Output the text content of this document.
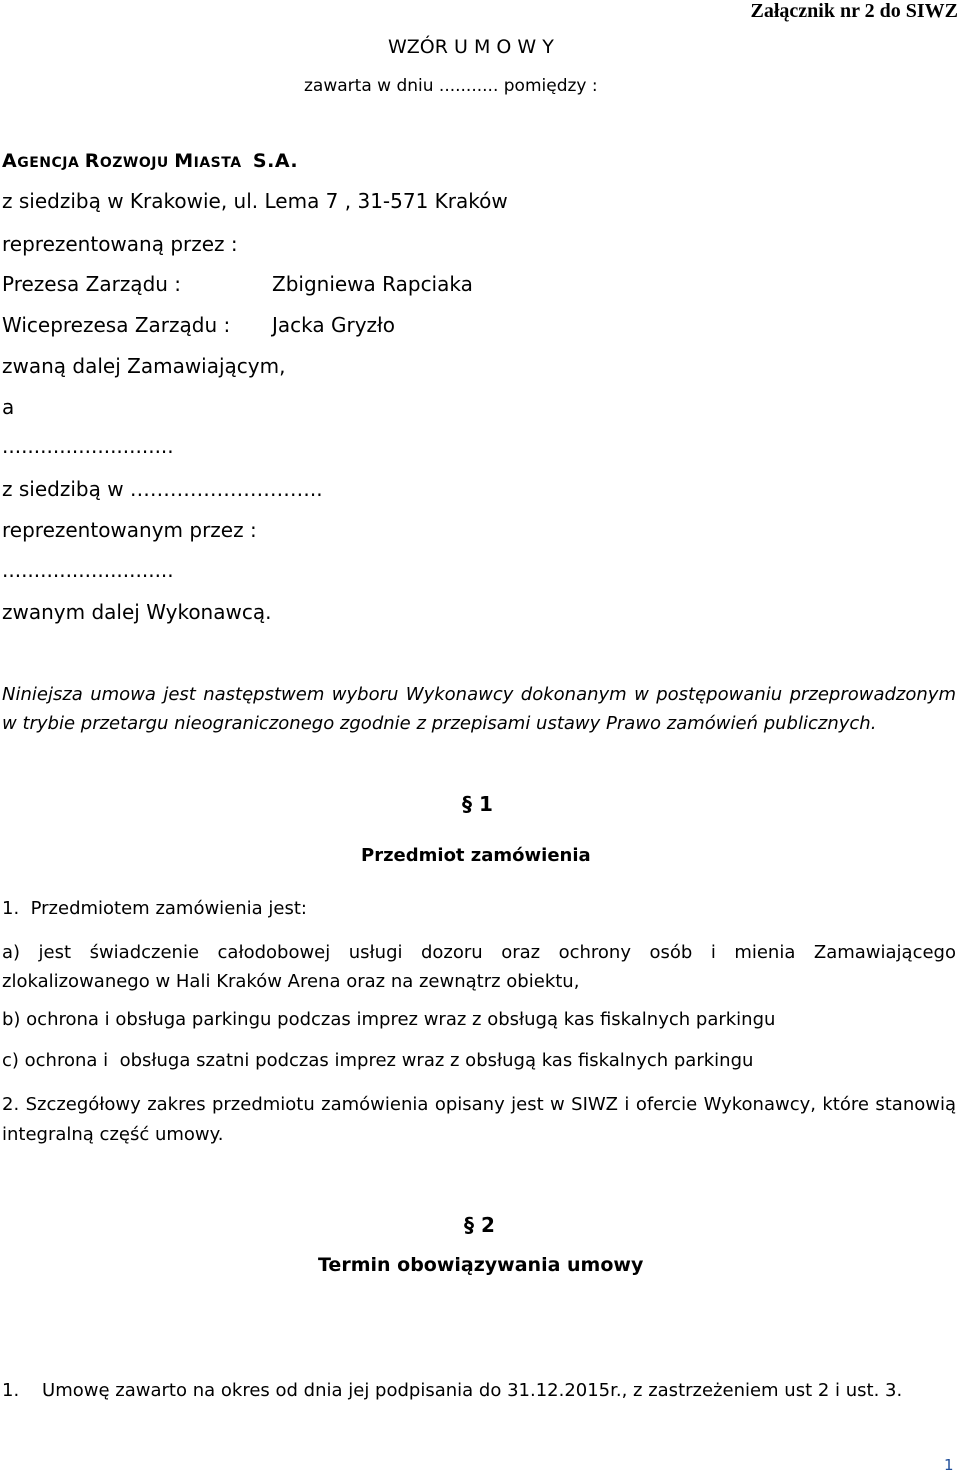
Załącznik nr 2 do SIWZ
WZÓR U M O W Y
zawarta w dniu ........... pomiędzy :
AGENCJA ROZWOJU MIASTA S.A.
z siedzibą w Krakowie, ul. Lema 7 , 31-571 Kraków
reprezentowaną przez :
Prezesa Zarządu :	Zbigniewa Rapciaka
Wiceprezesa Zarządu : Jacka Gryzło
zwaną dalej Zamawiającym,
a
...........................
z siedzibą w ………………………..
reprezentowanym przez :
...........................
zwanym dalej Wykonawcą.
Niniejsza umowa jest następstwem wyboru Wykonawcy dokonanym w postępowaniu przeprowadzonym w trybie przetargu nieograniczonego zgodnie z przepisami ustawy Prawo zamówień publicznych.
§ 1
Przedmiot zamówienia
1.  Przedmiotem zamówienia jest:
a) jest świadczenie całodobowej usługi dozoru oraz ochrony osób i mienia Zamawiającego zlokalizowanego w Hali Kraków Arena oraz na zewnątrz obiektu,
b) ochrona i obsługa parkingu podczas imprez wraz z obsługą kas fiskalnych parkingu
c) ochrona i  obsługa szatni podczas imprez wraz z obsługą kas fiskalnych parkingu
2. Szczegółowy zakres przedmiotu zamówienia opisany jest w SIWZ i ofercie Wykonawcy, które stanowią integralną część umowy.
§ 2
Termin obowiązywania umowy
1.    Umowę zawarto na okres od dnia jej podpisania do 31.12.2015r., z zastrzeżeniem ust 2 i ust. 3.
1
